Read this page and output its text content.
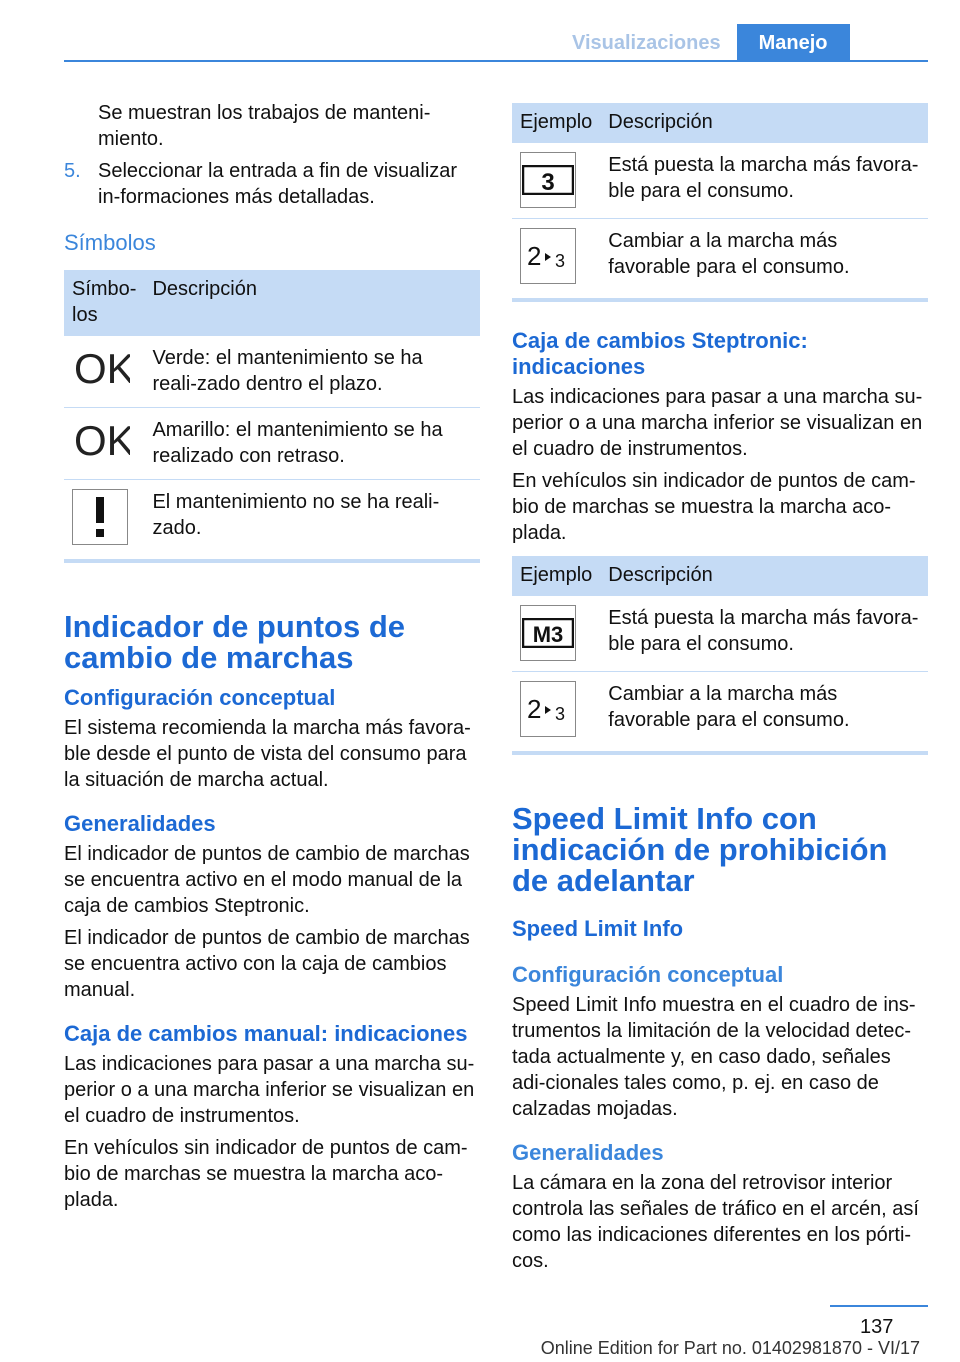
Visualizaciones	Manejo

Se muestran los trabajos de manteni-miento.

5. Seleccionar la entrada a fin de visualizar in-formaciones más detalladas.
Símbolos
Símbo-los	Descripción

OK	Verde: el mantenimiento se ha reali-zado dentro el plazo.

OK	Amarillo: el mantenimiento se ha realizado con retraso.

	El mantenimiento no se ha reali-zado.
Indicador de puntos de cambio de marchas
Configuración conceptual

El sistema recomienda la marcha más favora-ble desde el punto de vista del consumo para la situación de marcha actual.

Generalidades

El indicador de puntos de cambio de marchas se encuentra activo en el modo manual de la caja de cambios Steptronic.

El indicador de puntos de cambio de marchas se encuentra activo con la caja de cambios manual.

Caja de cambios manual: indicaciones

Las indicaciones para pasar a una marcha su-perior o a una marcha inferior se visualizan en el cuadro de instrumentos.

En vehículos sin indicador de puntos de cam-bio de marchas se muestra la marcha aco-plada.

Ejemplo	Descripción

3	Está puesta la marcha más favora-ble para el consumo.

2 3	Cambiar a la marcha más favorable para el consumo.
Caja de cambios Steptronic: indicaciones

Las indicaciones para pasar a una marcha su-perior o a una marcha inferior se visualizan en el cuadro de instrumentos.

En vehículos sin indicador de puntos de cam-bio de marchas se muestra la marcha aco-plada.

Ejemplo	Descripción

M3	Está puesta la marcha más favora-ble para el consumo.

2 3	Cambiar a la marcha más favorable para el consumo.
Speed Limit Info con indicación de prohibición de adelantar
Speed Limit Info
Configuración conceptual

Speed Limit Info muestra en el cuadro de ins-trumentos la limitación de la velocidad detec-tada actualmente y, en caso dado, señales adi-cionales tales como, p. ej. en caso de calzadas mojadas.

Generalidades

La cámara en la zona del retrovisor interior controla las señales de tráfico en el arcén, así como las indicaciones diferentes en los pórti-cos.

137
Online Edition for Part no. 01402981870 - VI/17
